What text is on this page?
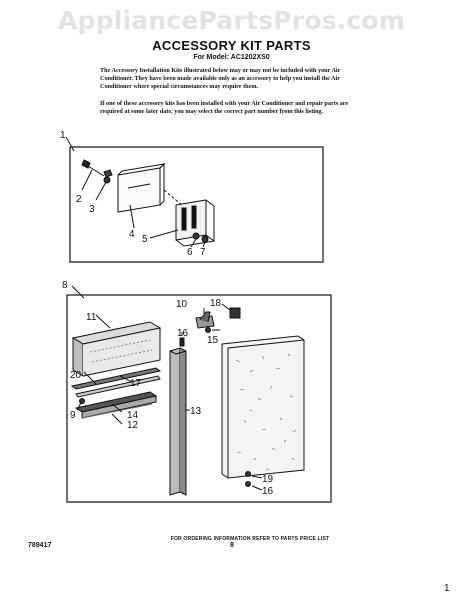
AppliancePartsPros.com
ACCESSORY KIT PARTS
For Model: AC1202XS0

The Accessory Installation Kits illustrated below may or may not be included with your Air Conditioner. They have been made available only as an accessory to help you install the Air Conditioner where special circumstances may require them.

If one of these accessory kits has been installed with your Air Conditioner and repair parts are required at some later date, you may select the correct part number from this listing.

1
2
3
4 5
6 7
8
10
11
12
13
14
15
16
17
18
19
20
9
16
FOR ORDERING INFORMATION REFER TO PARTS PRICE LIST
8
789417
1
